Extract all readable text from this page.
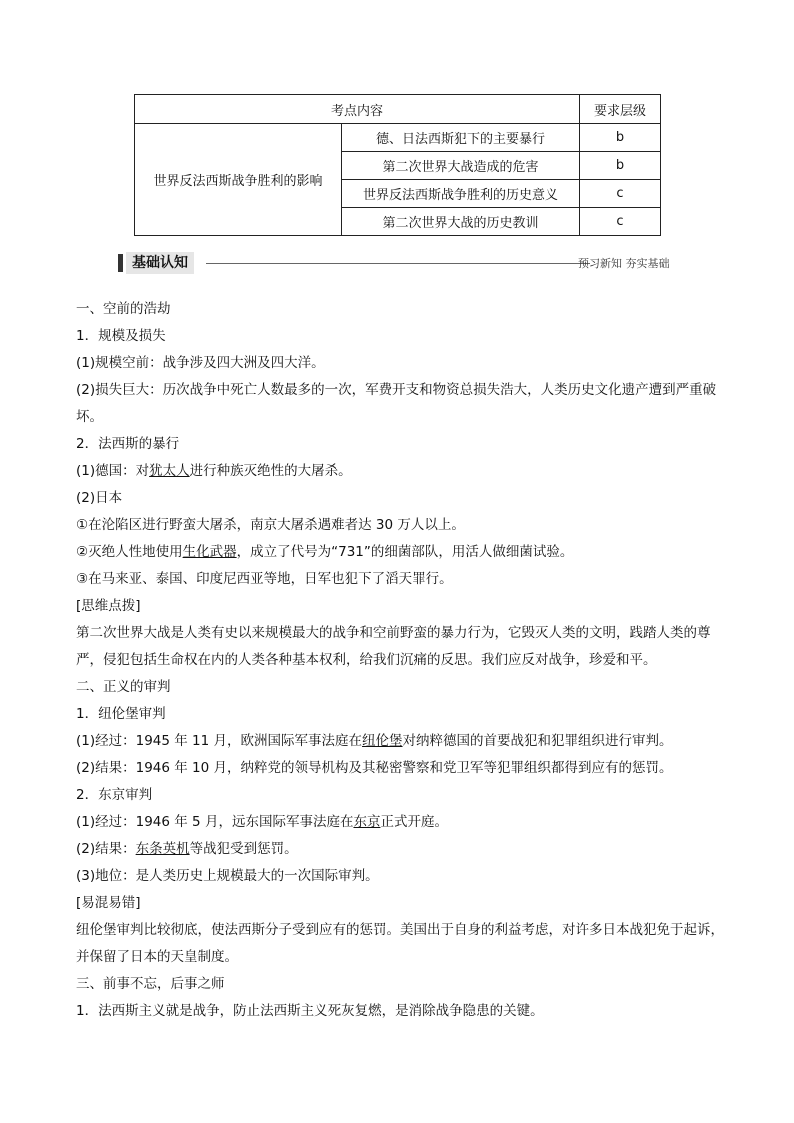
考点内容		要求层级
世界反法西斯战争胜利的影响	德、日法西斯犯下的主要暴行	b
	第二次世界大战造成的危害	b
	世界反法西斯战争胜利的历史意义	c
	第二次世界大战的历史教训	c
基础认知	预习新知 夯实基础

一、空前的浩劫

1．规模及损失

(1)规模空前：战争涉及四大洲及四大洋。

(2)损失巨大：历次战争中死亡人数最多的一次，军费开支和物资总损失浩大，人类历史文化遗产遭到严重破坏。

2．法西斯的暴行

(1)德国：对犹太人进行种族灭绝性的大屠杀。

(2)日本

①在沦陷区进行野蛮大屠杀，南京大屠杀遇难者达 30 万人以上。

②灭绝人性地使用生化武器，成立了代号为“731”的细菌部队，用活人做细菌试验。

③在马来亚、泰国、印度尼西亚等地，日军也犯下了滔天罪行。

[思维点拨]

第二次世界大战是人类有史以来规模最大的战争和空前野蛮的暴力行为，它毁灭人类的文明，践踏人类的尊严，侵犯包括生命权在内的人类各种基本权利，给我们沉痛的反思。我们应反对战争，珍爱和平。

二、正义的审判

1．纽伦堡审判

(1)经过：1945 年 11 月，欧洲国际军事法庭在纽伦堡对纳粹德国的首要战犯和犯罪组织进行审判。

(2)结果：1946 年 10 月，纳粹党的领导机构及其秘密警察和党卫军等犯罪组织都得到应有的惩罚。

2．东京审判

(1)经过：1946 年 5 月，远东国际军事法庭在东京正式开庭。

(2)结果：东条英机等战犯受到惩罚。

(3)地位：是人类历史上规模最大的一次国际审判。

[易混易错]

纽伦堡审判比较彻底，使法西斯分子受到应有的惩罚。美国出于自身的利益考虑，对许多日本战犯免于起诉，并保留了日本的天皇制度。

三、前事不忘，后事之师

1．法西斯主义就是战争，防止法西斯主义死灰复燃，是消除战争隐患的关键。
